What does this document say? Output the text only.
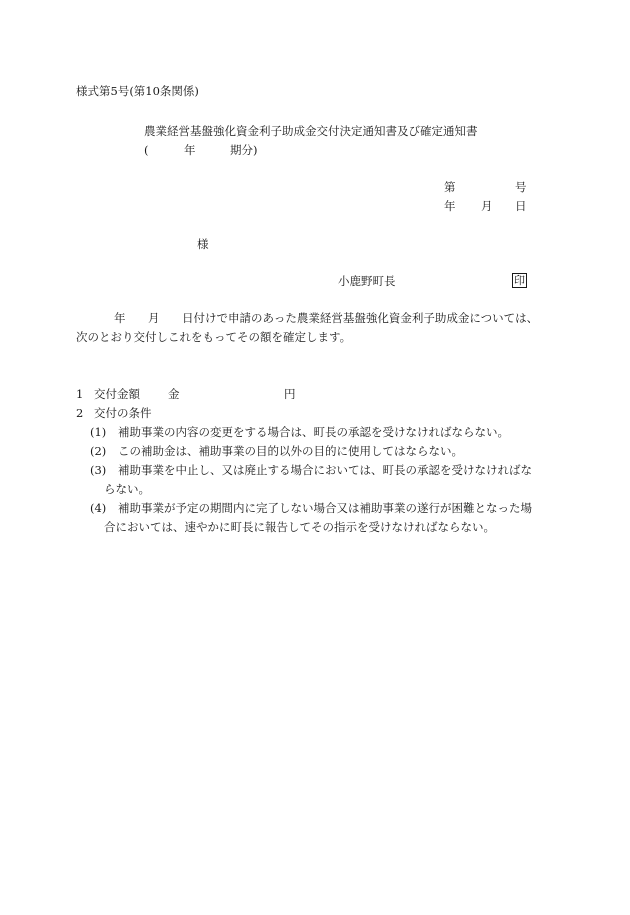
様式第5号(第10条関係)
農業経営基盤強化資金利子助成金交付決定通知書及び確定通知書
(	年	期分)
第	号
年 月 日
様
小鹿野町長	印
年 月 日付けで申請のあった農業経営基盤強化資金利子助成金については、
次のとおり交付しこれをもってその額を確定します。
1 交付金額 金	円
2 交付の条件
(1) 補助事業の内容の変更をする場合は、町長の承認を受けなければならない。
(2) この補助金は、補助事業の目的以外の目的に使用してはならない。
(3) 補助事業を中止し、又は廃止する場合においては、町長の承認を受けなければな
らない。
(4) 補助事業が予定の期間内に完了しない場合又は補助事業の遂行が困難となった場
合においては、速やかに町長に報告してその指示を受けなければならない。
